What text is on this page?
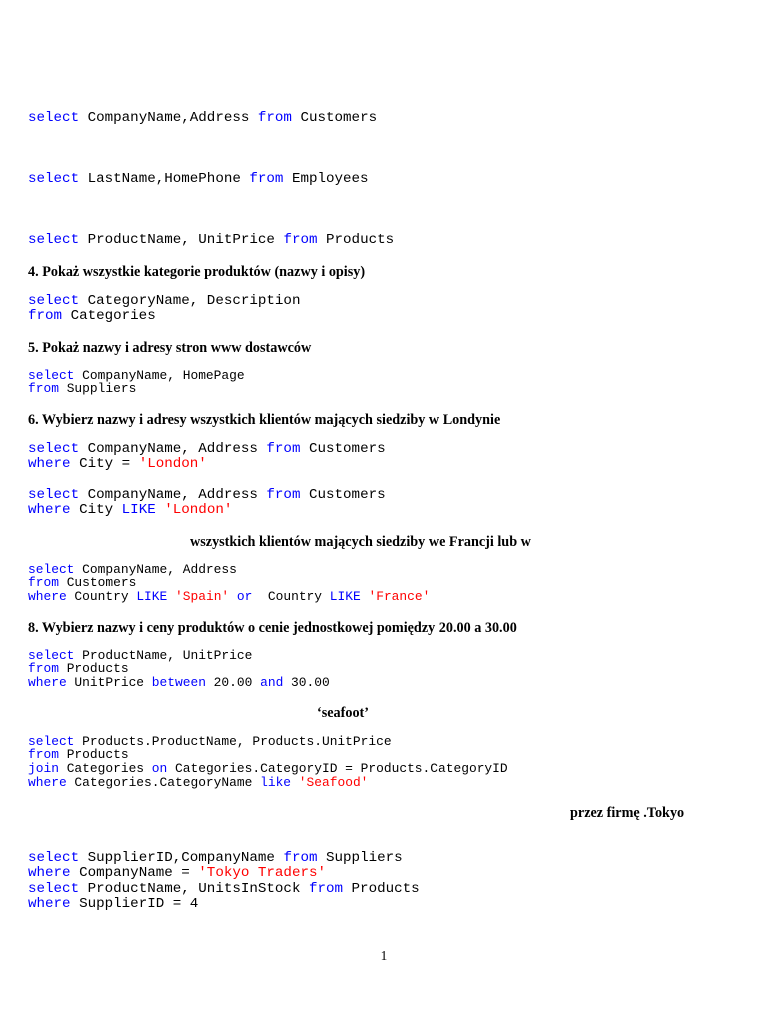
select CompanyName,Address from Customers
select LastName,HomePhone from Employees
select ProductName, UnitPrice from Products
4. Pokaż wszystkie kategorie produktów (nazwy i opisy)
select CategoryName, Description
from Categories
5. Pokaż nazwy i adresy stron www dostawców
select CompanyName, HomePage
from Suppliers
6. Wybierz nazwy i adresy wszystkich klientów mających siedziby w Londynie
select CompanyName, Address from Customers
where City = 'London'
select CompanyName, Address from Customers
where City LIKE 'London'
wszystkich klientów mających siedziby we Francji lub w
select CompanyName, Address
from Customers
where Country LIKE 'Spain' or  Country LIKE 'France'
8. Wybierz nazwy i ceny produktów o cenie jednostkowej pomiędzy 20.00 a 30.00
select ProductName, UnitPrice
from Products
where UnitPrice between 20.00 and 30.00
‘seafoot’
select Products.ProductName, Products.UnitPrice
from Products
join Categories on Categories.CategoryID = Products.CategoryID
where Categories.CategoryName like 'Seafood'
przez firmę .Tokyo
select SupplierID,CompanyName from Suppliers
where CompanyName = 'Tokyo Traders'
select ProductName, UnitsInStock from Products
where SupplierID = 4
1
